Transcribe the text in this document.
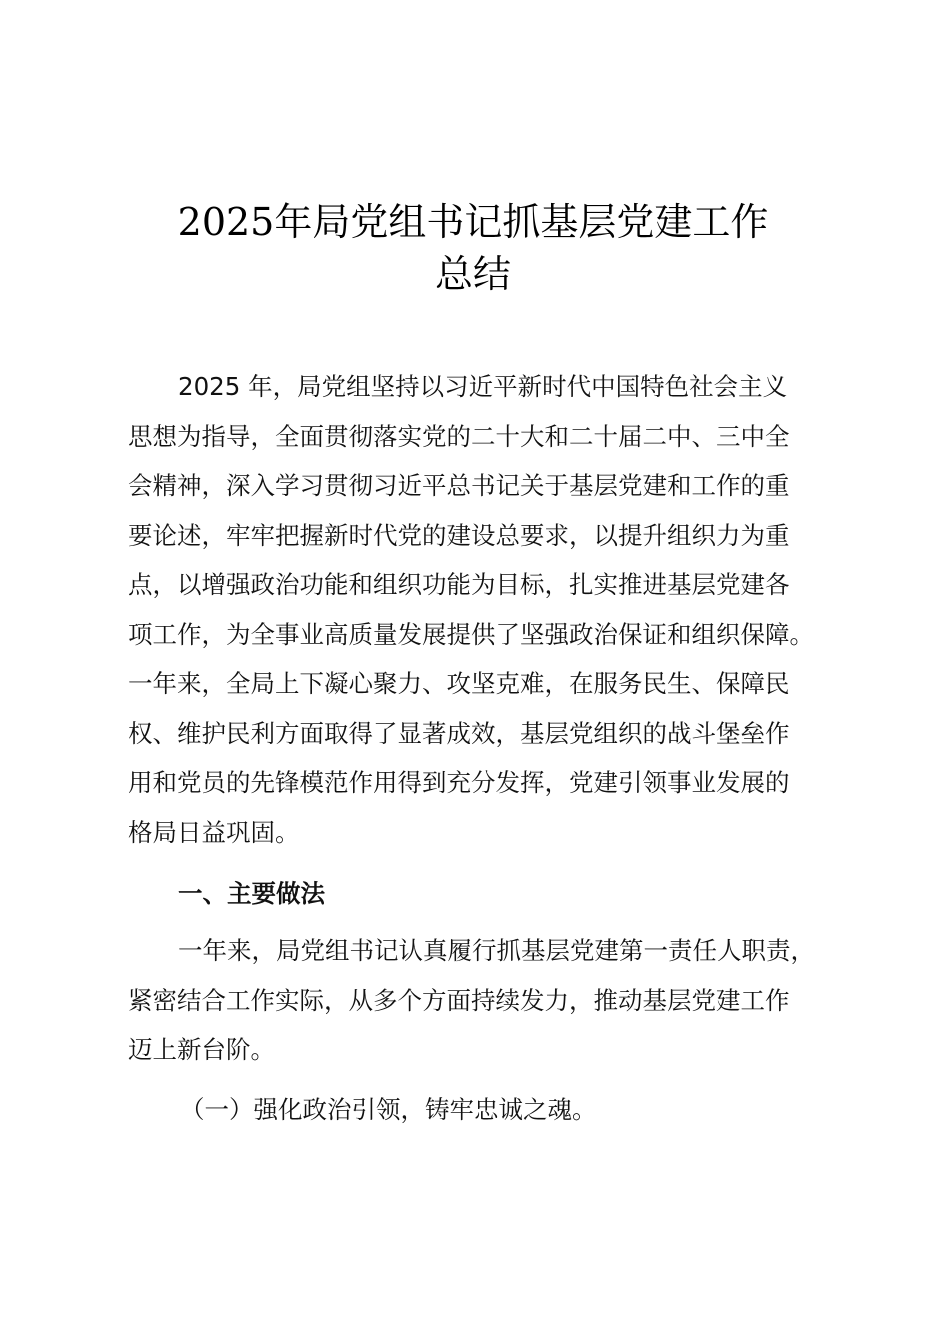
2025年局党组书记抓基层党建工作
总结
2025 年，局党组坚持以习近平新时代中国特色社会主义
思想为指导，全面贯彻落实党的二十大和二十届二中、三中全
会精神，深入学习贯彻习近平总书记关于基层党建和工作的重
要论述，牢牢把握新时代党的建设总要求，以提升组织力为重
点，以增强政治功能和组织功能为目标，扎实推进基层党建各
项工作，为全事业高质量发展提供了坚强政治保证和组织保障。
一年来，全局上下凝心聚力、攻坚克难，在服务民生、保障民
权、维护民利方面取得了显著成效，基层党组织的战斗堡垒作
用和党员的先锋模范作用得到充分发挥，党建引领事业发展的
格局日益巩固。
一、主要做法
一年来，局党组书记认真履行抓基层党建第一责任人职责，
紧密结合工作实际，从多个方面持续发力，推动基层党建工作
迈上新台阶。
（一）强化政治引领，铸牢忠诚之魂。
